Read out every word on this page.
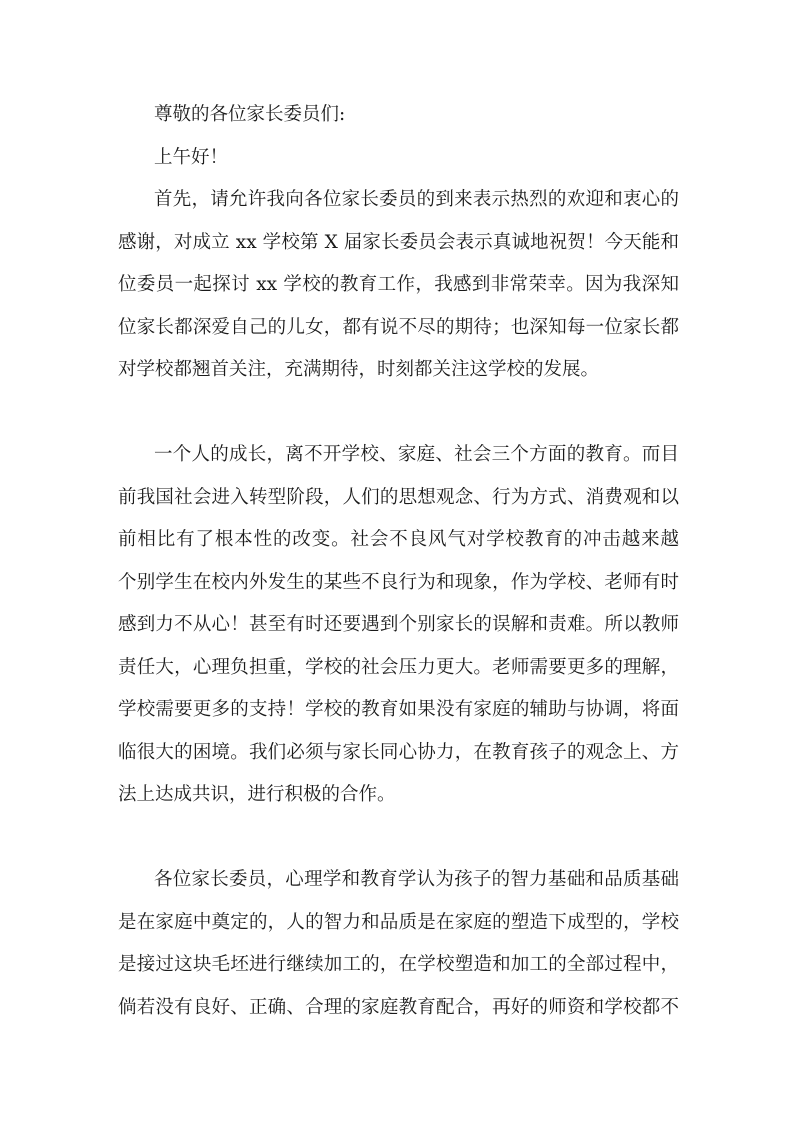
尊敬的各位家长委员们:
上午好！
首先，请允许我向各位家长委员的到来表示热烈的欢迎和衷心的
感谢，对成立 xx 学校第 X 届家长委员会表示真诚地祝贺！今天能和
位委员一起探讨 xx 学校的教育工作，我感到非常荣幸。因为我深知
位家长都深爱自己的儿女，都有说不尽的期待；也深知每一位家长都
对学校都翘首关注，充满期待，时刻都关注这学校的发展。
一个人的成长，离不开学校、家庭、社会三个方面的教育。而目
前我国社会进入转型阶段，人们的思想观念、行为方式、消费观和以
前相比有了根本性的改变。社会不良风气对学校教育的冲击越来越
个别学生在校内外发生的某些不良行为和现象，作为学校、老师有时
感到力不从心！甚至有时还要遇到个别家长的误解和责难。所以教师
责任大，心理负担重，学校的社会压力更大。老师需要更多的理解，
学校需要更多的支持！学校的教育如果没有家庭的辅助与协调，将面
临很大的困境。我们必须与家长同心协力，在教育孩子的观念上、方
法上达成共识，进行积极的合作。
各位家长委员，心理学和教育学认为孩子的智力基础和品质基础
是在家庭中奠定的，人的智力和品质是在家庭的塑造下成型的，学校
是接过这块毛坯进行继续加工的，在学校塑造和加工的全部过程中，
倘若没有良好、正确、合理的家庭教育配合，再好的师资和学校都不
